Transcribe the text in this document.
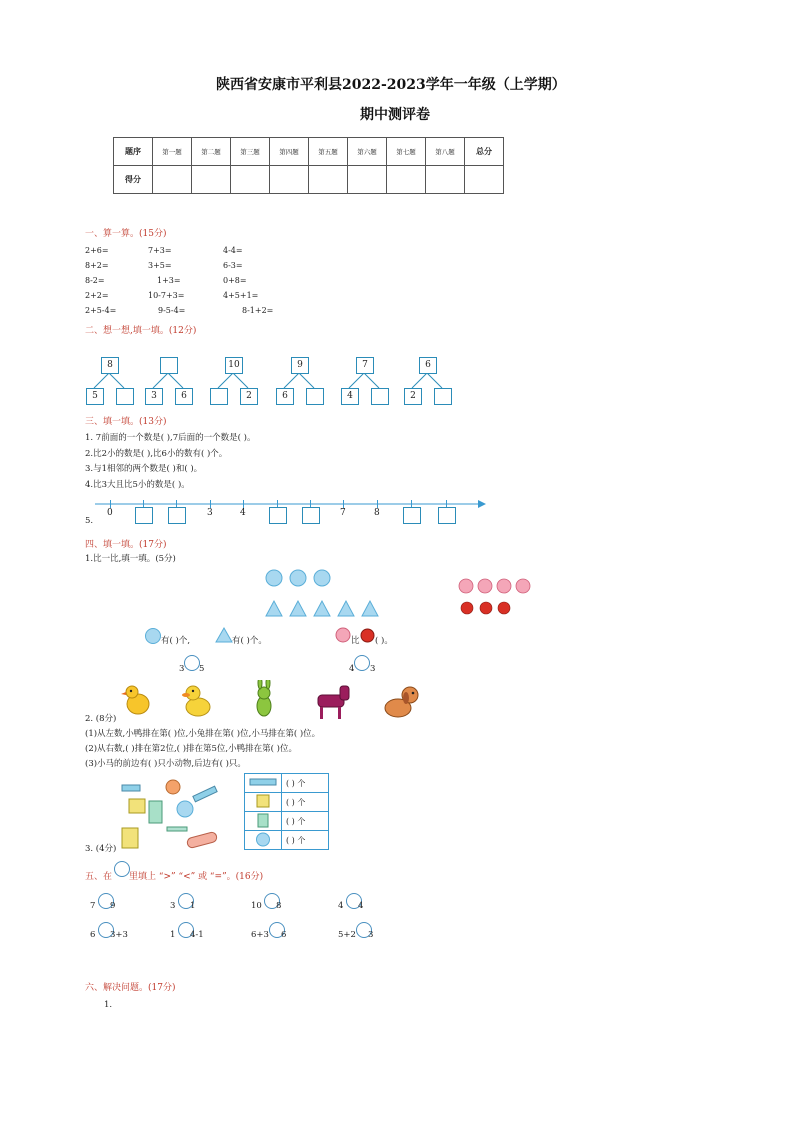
陕西省安康市平利县2022-2023学年一年级（上学期）
期中测评卷
题序	第一题	第二题	第三题	第四题	第五题	第六题	第七题	第八题	总分
得分									
一、算一算。(15分)
2+6=	7+3=	4-4=
8+2=	3+5=	6-3=
8-2=	1+3=	0+8=
2+2=	10-7+3=	4+5+1=
2+5-4=	9-5-4=	8-1+2=
二、想一想,填一填。(12分)
8
5	3	6
10
2
9
6
7
4
6
2
三、填一填。(13分)
1. 7前面的一个数是( ),7后面的一个数是( )。
2.比2小的数是( ),比6小的数有( )个。
3.与1相邻的两个数是( )和( )。
4.比3大且比5小的数是( )。
5.
0	3	4	7	8
四、填一填。(17分)
1.比一比,填一填。(5分)
有( )个,	有( )个。	比 ( )。
3 5	4 3
2. (8分)
(1)从左数,小鸭排在第( )位,小兔排在第( )位,小马排在第( )位。
(2)从右数,( )排在第2位,( )排在第5位,小鸭排在第( )位。
(3)小马的前边有( )只小动物,后边有( )只。
	( ) 个
	( ) 个
	( ) 个
	( ) 个
3. (4分)
五、在 里填上 “>” “<” 或 “=”。(16分)
7 9	3 1	10 8	4 4
6 3+3	1 4-1	6+3 6	5+2 3
六、解决问题。(17分)
1.
